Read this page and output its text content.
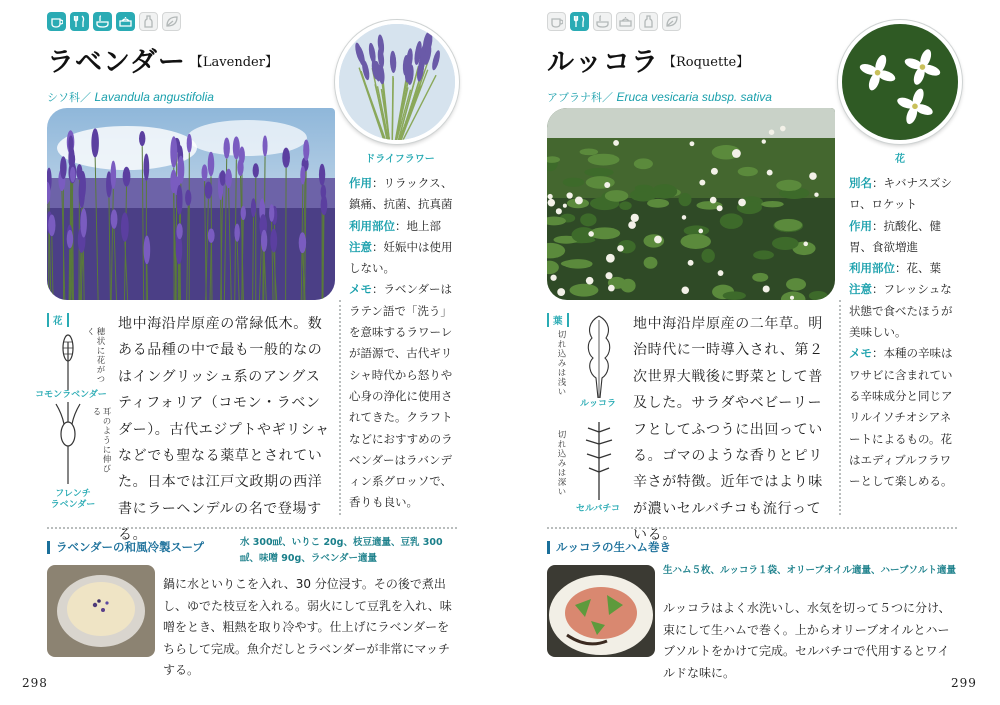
ラベンダー 【Lavender】
シソ科／ Lavandula angustifolia
ドライフラワー

作用：リラックス、鎮痛、抗菌、抗真菌

利用部位：地上部

注意：妊娠中は使用しない。

メモ：ラベンダーはラテン語で「洗う」を意味するラワーレが語源で、古代ギリシャ時代から怒りや心身の浄化に使用されてきた。クラフトなどにおすすめのラベンダーはラバンディン系グロッソで、香りも良い。

花
穂状に花がつく
コモンラベンダー
耳のように伸びる
フレンチ
ラベンダー
地中海沿岸原産の常緑低木。数ある品種の中で最も一般的なのはイングリッシュ系のアングスティフォリア（コモン・ラベンダー）。古代エジプトやギリシャなどでも聖なる薬草とされていた。日本では江戸文政期の西洋書にラーヘンデルの名で登場する。
ラベンダーの和風冷製スープ	水 300㎖、いりこ 20g、枝豆適量、豆乳 300㎖、味噌 90g、ラベンダー適量
鍋に水といりこを入れ、30 分位浸す。その後で煮出し、ゆでた枝豆を入れる。弱火にして豆乳を入れ、味噌をとき、粗熱を取り冷やす。仕上げにラベンダーをちらして完成。魚介だしとラベンダーが非常にマッチする。
298
ルッコラ 【Roquette】
アブラナ科／ Eruca vesicaria subsp. sativa
花

別名：キバナスズシロ、ロケット

作用：抗酸化、健胃、食欲増進

利用部位：花、葉

注意：フレッシュな状態で食べたほうが美味しい。

メモ：本種の辛味はワサビに含まれている辛味成分と同じアリルイソチオシアネートによるもの。花はエディブルフラワーとして楽しめる。

葉
切れ込みは浅い
ルッコラ
切れ込みは深い
セルバチコ
地中海沿岸原産の二年草。明治時代に一時導入され、第２次世界大戦後に野菜として普及した。サラダやベビーリーフとしてふつうに出回っている。ゴマのような香りとピリ辛さが特徴。近年ではより味が濃いセルバチコも流行っている。
ルッコラの生ハム巻き
生ハム５枚、ルッコラ１袋、オリーブオイル適量、ハーブソルト適量
ルッコラはよく水洗いし、水気を切って５つに分け、束にして生ハムで巻く。上からオリーブオイルとハーブソルトをかけて完成。セルバチコで代用するとワイルドな味に。
299
